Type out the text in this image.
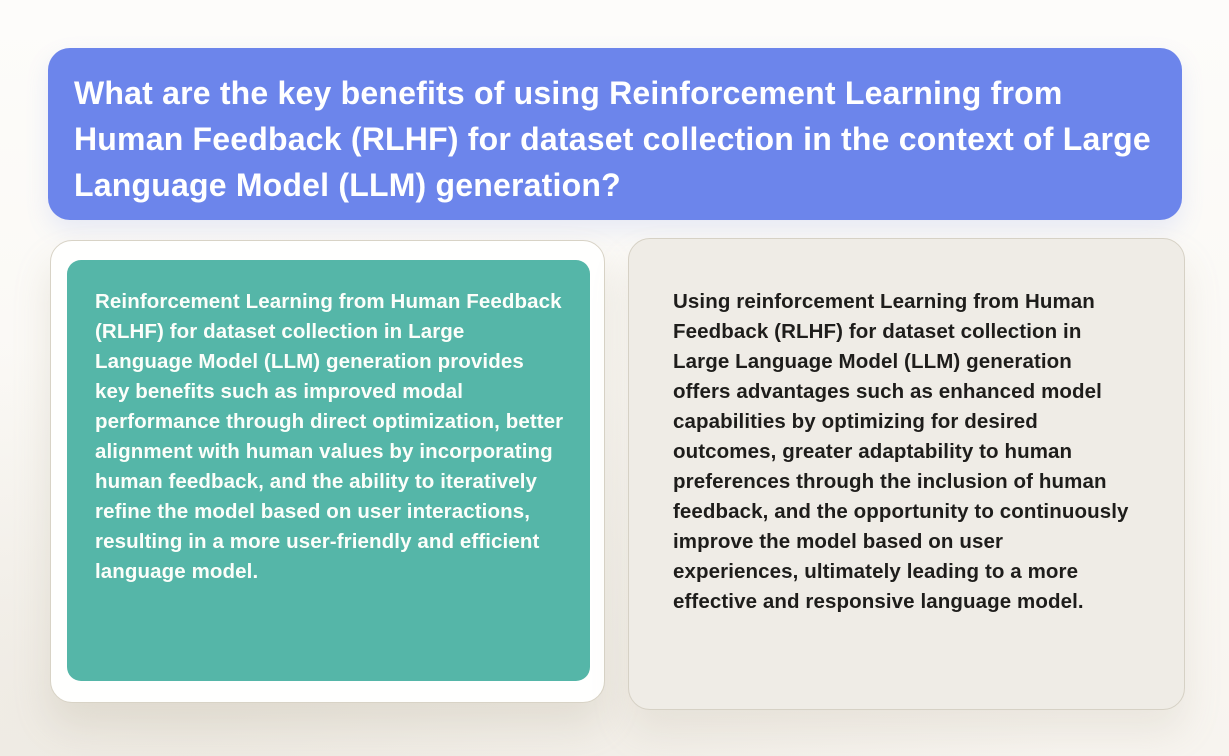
What are the key benefits of using Reinforcement Learning from Human Feedback (RLHF) for dataset collection in the context of Large Language Model (LLM) generation?
Reinforcement Learning from Human Feedback (RLHF) for dataset collection in Large Language Model (LLM) generation provides key benefits such as improved modal performance through direct optimization, better alignment with human values by incorporating human feedback, and the ability to iteratively refine the model based on user interactions, resulting in a more user-friendly and efficient language model.
Using reinforcement Learning from Human Feedback (RLHF) for dataset collection in Large Language Model (LLM) generation offers advantages such as enhanced model capabilities by optimizing for desired outcomes, greater adaptability to human preferences through the inclusion of human feedback, and the opportunity to continuously improve the model based on user experiences, ultimately leading to a more effective and responsive language model.
